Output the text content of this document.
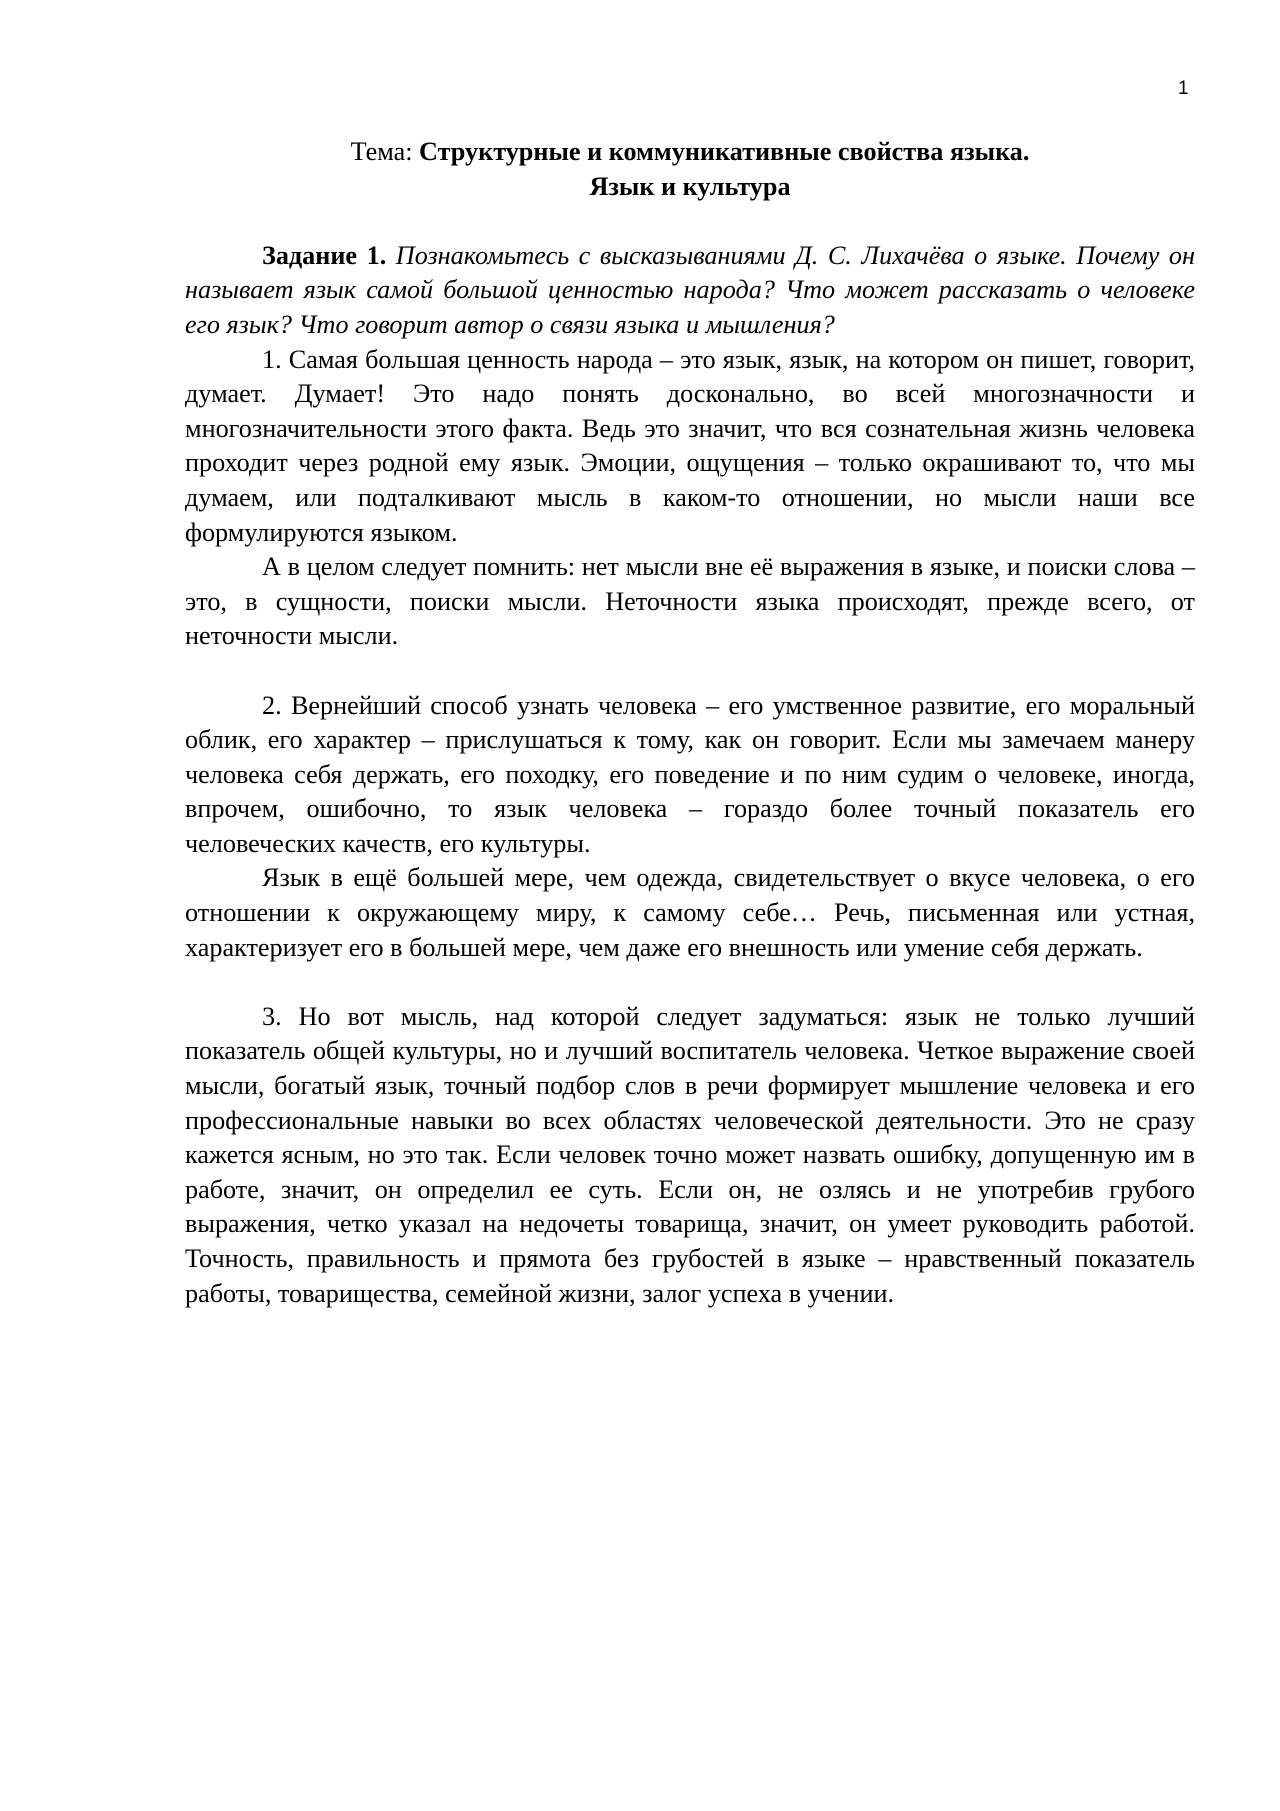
1
Тема: Структурные и коммуникативные свойства языка.
Язык и культура

Задание 1. Познакомьтесь с высказываниями Д. С. Лихачёва о языке. Почему он называет язык самой большой ценностью народа? Что может рассказать о человеке его язык? Что говорит автор о связи языка и мышления?

1. Самая большая ценность народа – это язык, язык, на котором он пишет, говорит, думает. Думает! Это надо понять досконально, во всей многозначности и многозначительности этого факта. Ведь это значит, что вся сознательная жизнь человека проходит через родной ему язык. Эмоции, ощущения – только окрашивают то, что мы думаем, или подталкивают мысль в каком-то отношении, но мысли наши все формулируются языком.

А в целом следует помнить: нет мысли вне её выражения в языке, и поиски слова – это, в сущности, поиски мысли. Неточности языка происходят, прежде всего, от неточности мысли.

2. Вернейший способ узнать человека – его умственное развитие, его моральный облик, его характер – прислушаться к тому, как он говорит. Если мы замечаем манеру человека себя держать, его походку, его поведение и по ним судим о человеке, иногда, впрочем, ошибочно, то язык человека – гораздо более точный показатель его человеческих качеств, его культуры.

Язык в ещё большей мере, чем одежда, свидетельствует о вкусе человека, о его отношении к окружающему миру, к самому себе… Речь, письменная или устная, характеризует его в большей мере, чем даже его внешность или умение себя держать.

3. Но вот мысль, над которой следует задуматься: язык не только лучший показатель общей культуры, но и лучший воспитатель человека. Четкое выражение своей мысли, богатый язык, точный подбор слов в речи формирует мышление человека и его профессиональные навыки во всех областях человеческой деятельности. Это не сразу кажется ясным, но это так. Если человек точно может назвать ошибку, допущенную им в работе, значит, он определил ее суть. Если он, не озлясь и не употребив грубого выражения, четко указал на недочеты товарища, значит, он умеет руководить работой. Точность, правильность и прямота без грубостей в языке – нравственный показатель работы, товарищества, семейной жизни, залог успеха в учении.
